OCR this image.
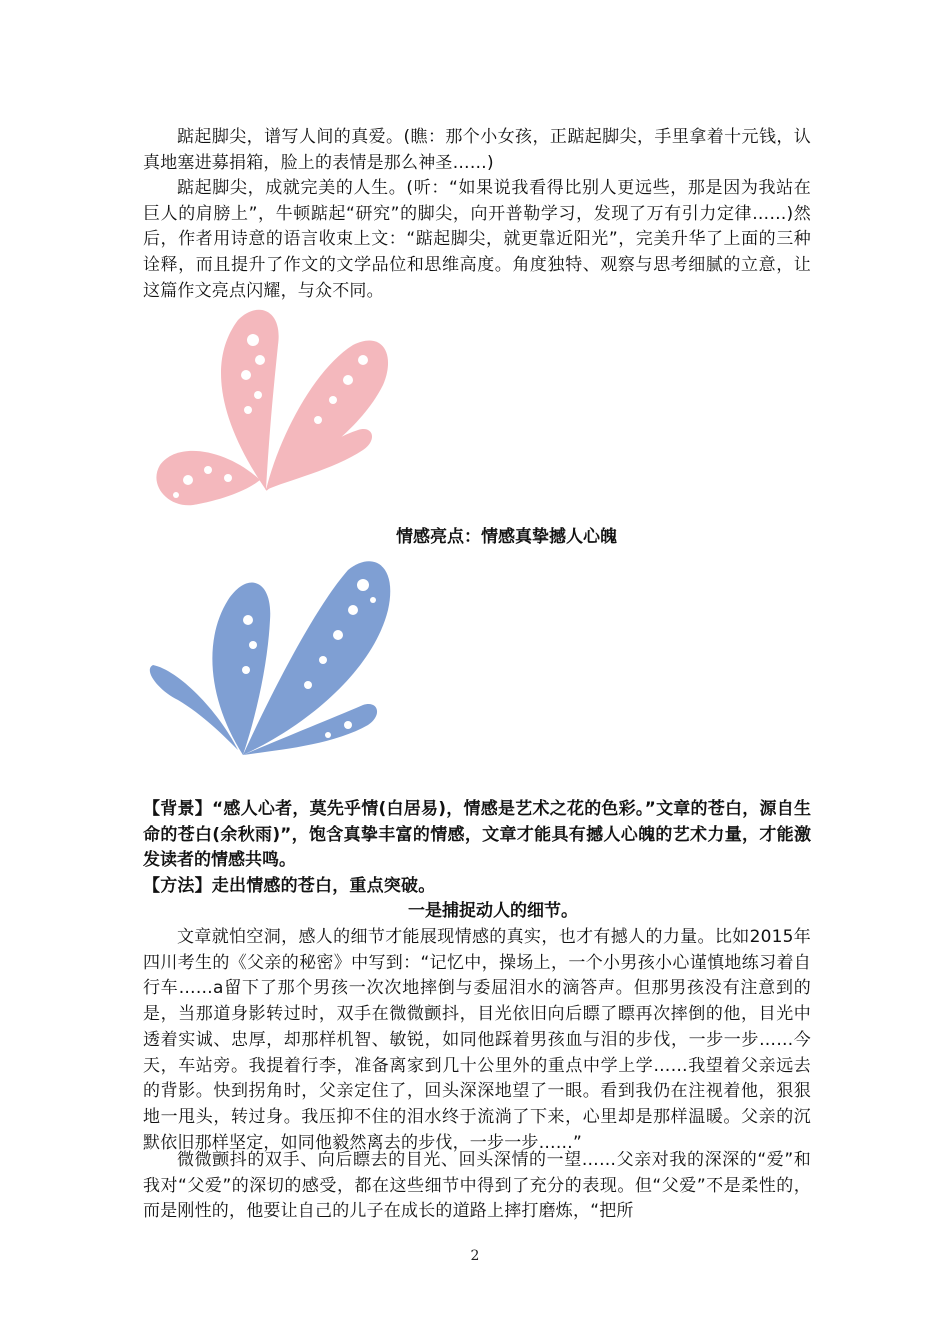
踮起脚尖，谱写人间的真爱。(瞧：那个小女孩，正踮起脚尖，手里拿着十元钱，认真地塞进募捐箱，脸上的表情是那么神圣……)

踮起脚尖，成就完美的人生。(听：“如果说我看得比别人更远些，那是因为我站在巨人的肩膀上”，牛顿踮起“研究”的脚尖，向开普勒学习，发现了万有引力定律……)然后，作者用诗意的语言收束上文：“踮起脚尖，就更靠近阳光”，完美升华了上面的三种诠释，而且提升了作文的文学品位和思维高度。角度独特、观察与思考细腻的立意，让这篇作文亮点闪耀，与众不同。

情感亮点：情感真挚撼人心魄

【背景】“感人心者，莫先乎情(白居易)，情感是艺术之花的色彩。”文章的苍白，源自生命的苍白(余秋雨)”，饱含真挚丰富的情感，文章才能具有撼人心魄的艺术力量，才能激发读者的情感共鸣。

【方法】走出情感的苍白，重点突破。

一是捕捉动人的细节。

文章就怕空洞，感人的细节才能展现情感的真实，也才有撼人的力量。比如2015年四川考生的《父亲的秘密》中写到：“记忆中，操场上，一个小男孩小心谨慎地练习着自行车……a留下了那个男孩一次次地摔倒与委屈泪水的滴答声。但那男孩没有注意到的是，当那道身影转过时，双手在微微颤抖，目光依旧向后瞟了瞟再次摔倒的他，目光中透着实诚、忠厚，却那样机智、敏锐，如同他踩着男孩血与泪的步伐，一步一步……今天，车站旁。我提着行李，准备离家到几十公里外的重点中学上学……我望着父亲远去的背影。快到拐角时，父亲定住了，回头深深地望了一眼。看到我仍在注视着他，狠狠地一甩头，转过身。我压抑不住的泪水终于流淌了下来，心里却是那样温暖。父亲的沉默依旧那样坚定，如同他毅然离去的步伐，一步一步……”

微微颤抖的双手、向后瞟去的目光、回头深情的一望……父亲对我的深深的“爱”和我对“父爱”的深切的感受，都在这些细节中得到了充分的表现。但“父爱”不是柔性的，而是刚性的，他要让自己的儿子在成长的道路上摔打磨炼，“把所

2
